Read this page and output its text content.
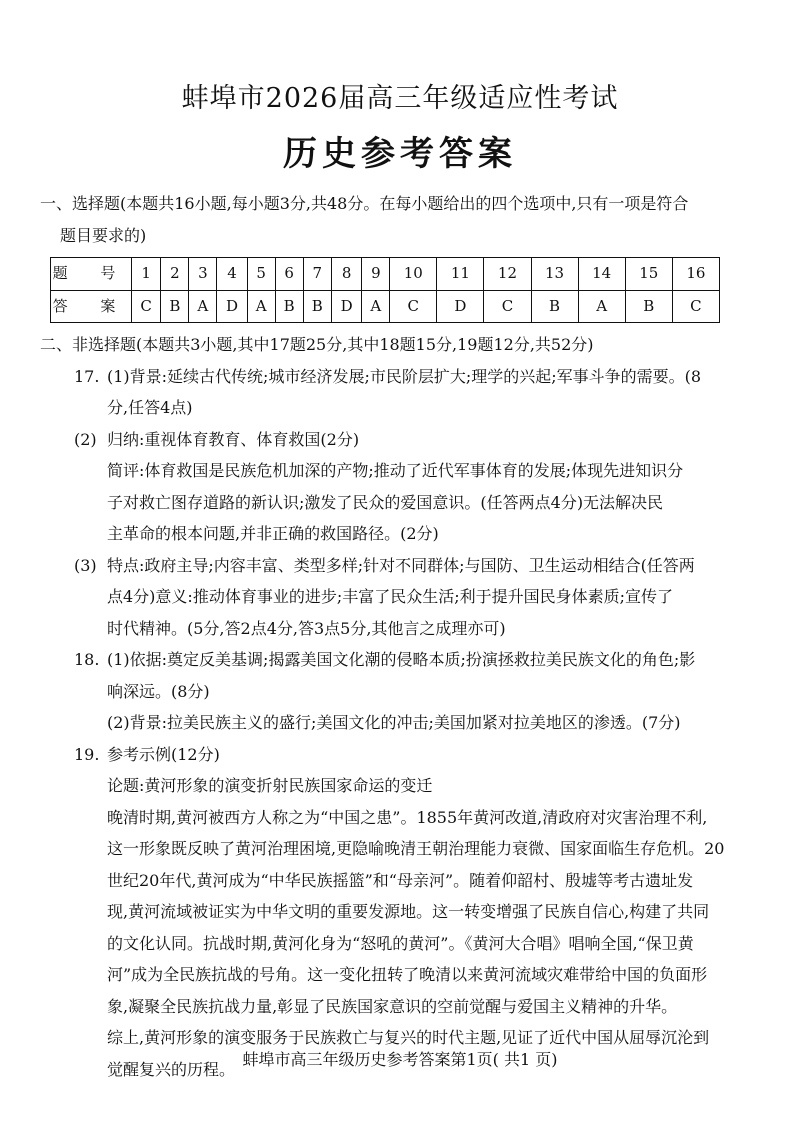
蚌埠市2026届高三年级适应性考试
历史参考答案

一、选择题(本题共16小题,每小题3分,共48分。在每小题给出的四个选项中,只有一项是符合
题目要求的)

题 号	1	2	3	4	5	6	7	8	9	10	11	12	13	14	15	16
答 案	C	B	A	D	A	B	B	D	A	C	D	C	B	A	B	C

二、非选择题(本题共3小题,其中17题25分,其中18题15分,19题12分,共52分)

17. (1)背景:延续古代传统;城市经济发展;市民阶层扩大;理学的兴起;军事斗争的需要。(8

分,任答4点)

(2) 归纳:重视体育教育、体育救国(2分)

简评:体育救国是民族危机加深的产物;推动了近代军事体育的发展;体现先进知识分

子对救亡图存道路的新认识;激发了民众的爱国意识。(任答两点4分)无法解决民

主革命的根本问题,并非正确的救国路径。(2分)

(3) 特点:政府主导;内容丰富、类型多样;针对不同群体;与国防、卫生运动相结合(任答两

点4分)意义:推动体育事业的进步;丰富了民众生活;利于提升国民身体素质;宣传了

时代精神。(5分,答2点4分,答3点5分,其他言之成理亦可)

18. (1)依据:奠定反美基调;揭露美国文化潮的侵略本质;扮演拯救拉美民族文化的角色;影

响深远。(8分)

(2)背景:拉美民族主义的盛行;美国文化的冲击;美国加紧对拉美地区的渗透。(7分)

19. 参考示例(12分)

论题:黄河形象的演变折射民族国家命运的变迁

晚清时期,黄河被西方人称之为“中国之患”。1855年黄河改道,清政府对灾害治理不利,

这一形象既反映了黄河治理困境,更隐喻晚清王朝治理能力衰微、国家面临生存危机。20

世纪20年代,黄河成为“中华民族摇篮”和“母亲河”。随着仰韶村、殷墟等考古遗址发

现,黄河流域被证实为中华文明的重要发源地。这一转变增强了民族自信心,构建了共同

的文化认同。抗战时期,黄河化身为“怒吼的黄河”。《黄河大合唱》唱响全国,“保卫黄

河”成为全民族抗战的号角。这一变化扭转了晚清以来黄河流域灾难带给中国的负面形

象,凝聚全民族抗战力量,彰显了民族国家意识的空前觉醒与爱国主义精神的升华。

综上,黄河形象的演变服务于民族救亡与复兴的时代主题,见证了近代中国从屈辱沉沦到

觉醒复兴的历程。 蚌埠市高三年级历史参考答案第1页( 共1 页)
